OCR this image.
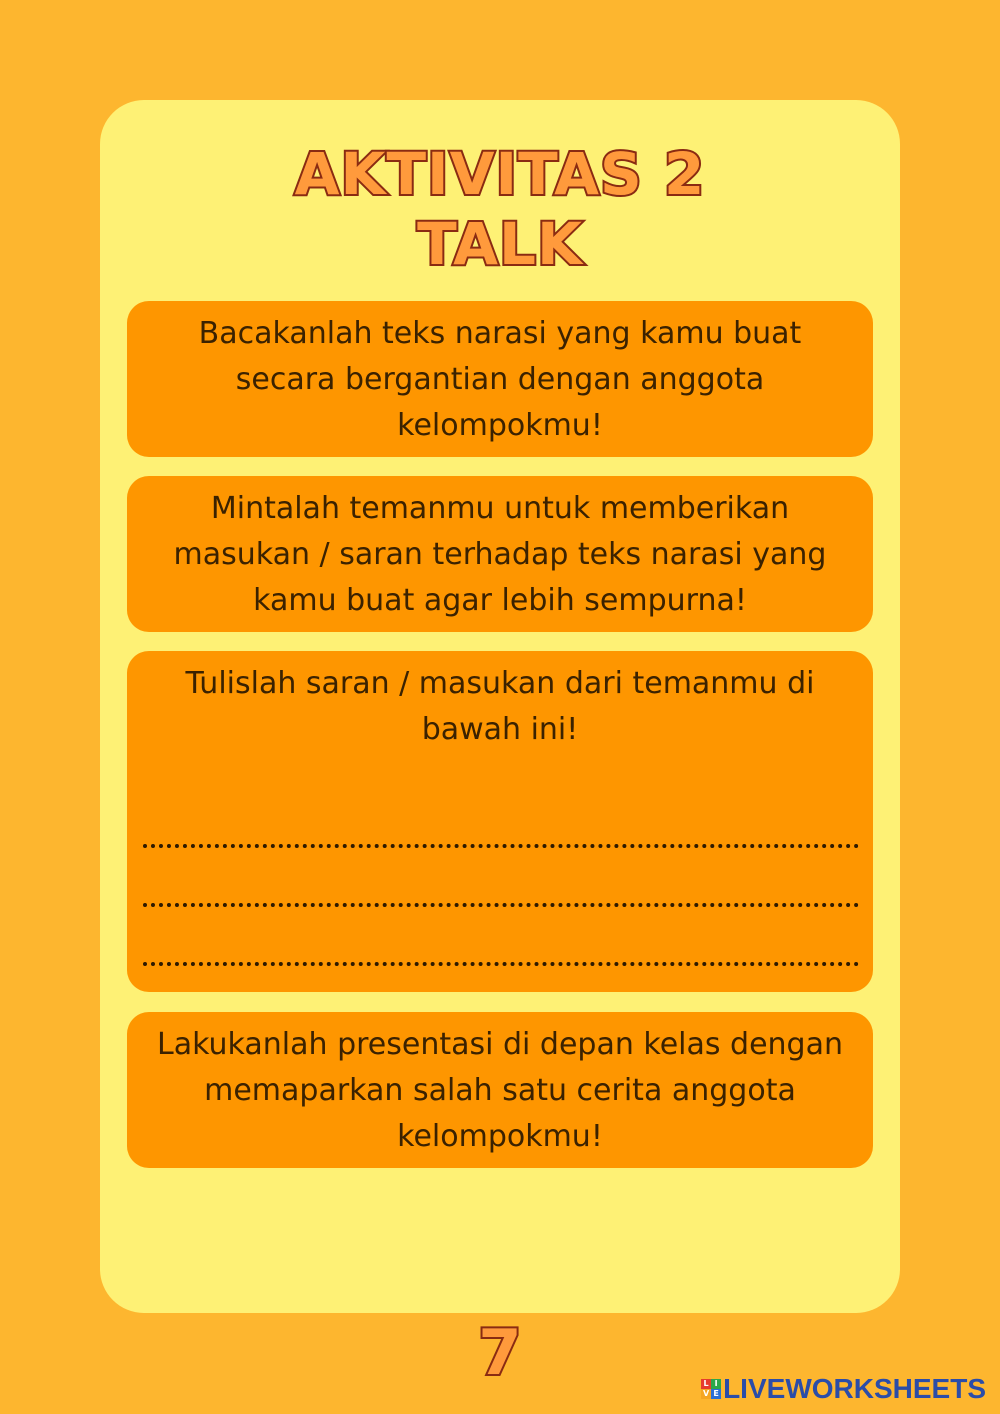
AKTIVITAS 2
TALK

Bacakanlah teks narasi yang kamu buat

secara bergantian dengan anggota

kelompokmu!

Mintalah temanmu untuk memberikan

masukan / saran terhadap teks narasi yang

kamu buat agar lebih sempurna!

Tulislah saran / masukan dari temanmu di

bawah ini!

Lakukanlah presentasi di depan kelas dengan

memaparkan salah satu cerita anggota

kelompokmu!

7	L I
V E LIVEWORKSHEETS
